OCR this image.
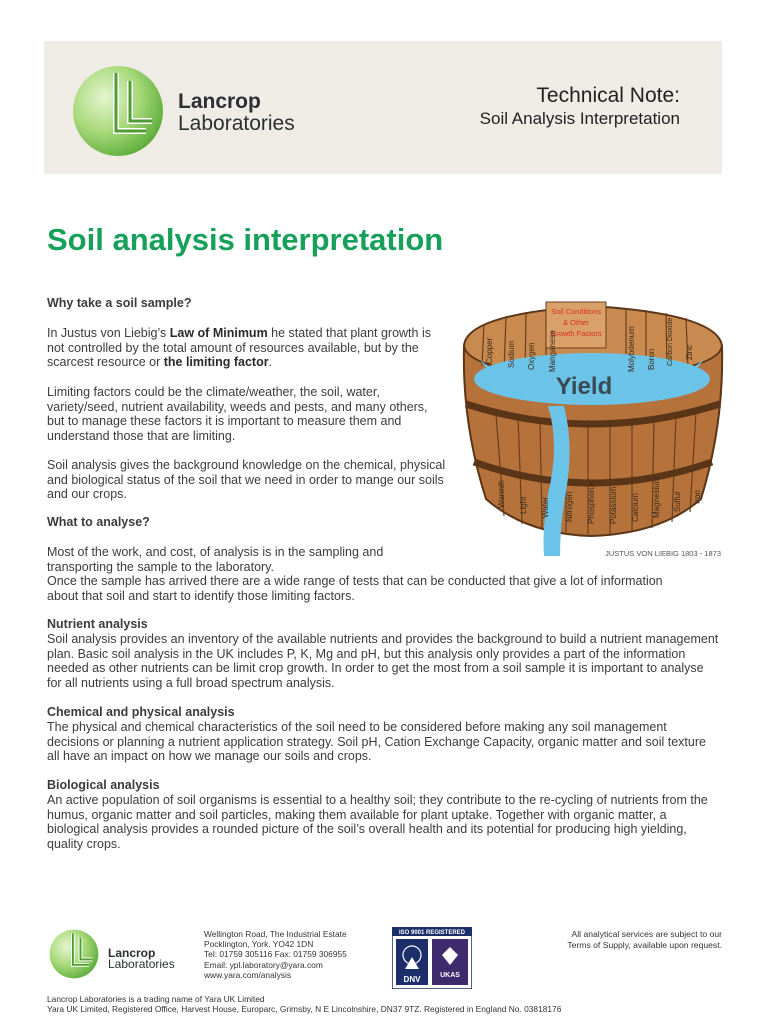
Lancrop
Laboratories
Technical Note:
Soil Analysis Interpretation
Soil analysis interpretation
Why take a soil sample?
In Justus von Liebig’s Law of Minimum he stated that plant growth is not controlled by the total amount of resources available, but by the scarcest resource or the limiting factor.
Limiting factors could be the climate/weather, the soil, water, variety/seed, nutrient availability, weeds and pests, and many others, but to manage these factors it is important to measure them and understand those that are limiting.
Soil analysis gives the background knowledge on the chemical, physical and biological status of the soil that we need in order to mange our soils and our crops.
What to analyse?
Most of the work, and cost, of analysis is in the sampling and transporting the sample to the laboratory.
Once the sample has arrived there are a wide range of tests that can be conducted that give a lot of information about that soil and start to identify those limiting factors.
Nutrient analysis
Soil analysis provides an inventory of the available nutrients and provides the background to build a nutrient management plan. Basic soil analysis in the UK includes P, K, Mg and pH, but this analysis only provides a part of the information needed as other nutrients can be limit crop growth. In order to get the most from a soil sample it is important to analyse for all nutrients using a full broad spectrum analysis.
Chemical and physical analysis
The physical and chemical characteristics of the soil need to be considered before making any soil management decisions or planning a nutrient application strategy. Soil pH, Cation Exchange Capacity, organic matter and soil texture all have an impact on how we manage our soils and crops.
Biological analysis
An active population of soil organisms is essential to a healthy soil; they contribute to the re-cycling of nutrients from the humus, organic matter and soil particles, making them available for plant uptake. Together with organic matter, a biological analysis provides a rounded picture of the soil’s overall health and its potential for producing high yielding, quality crops.
Soil Conditions
& Other
Growth Factors
Yield
Copper Sodium Oxygen Manganese	Molybdenum Boron Carbon Dioxide Zinc
Warmth Light Water Nitrogen Phosphorus Potassium Calcium Magnesium Sulfur Iron
JUSTUS VON LIEBIG 1803 - 1873
Lancrop
Laboratories
Wellington Road, The Industrial Estate
Pocklington, York. YO42 1DN
Tel: 01759 305116 Fax: 01759 306955
Email: ypl.laboratory@yara.com
www.yara.com/analysis
ISO 9001 REGISTERED
DNV	UKAS
All analytical services are subject to our
Terms of Supply, available upon request.
Lancrop Laboratories is a trading name of Yara UK Limited
Yara UK Limited, Registered Office, Harvest House, Europarc, Grimsby, N E Lincolnshire, DN37 9TZ. Registered in England No. 03818176
